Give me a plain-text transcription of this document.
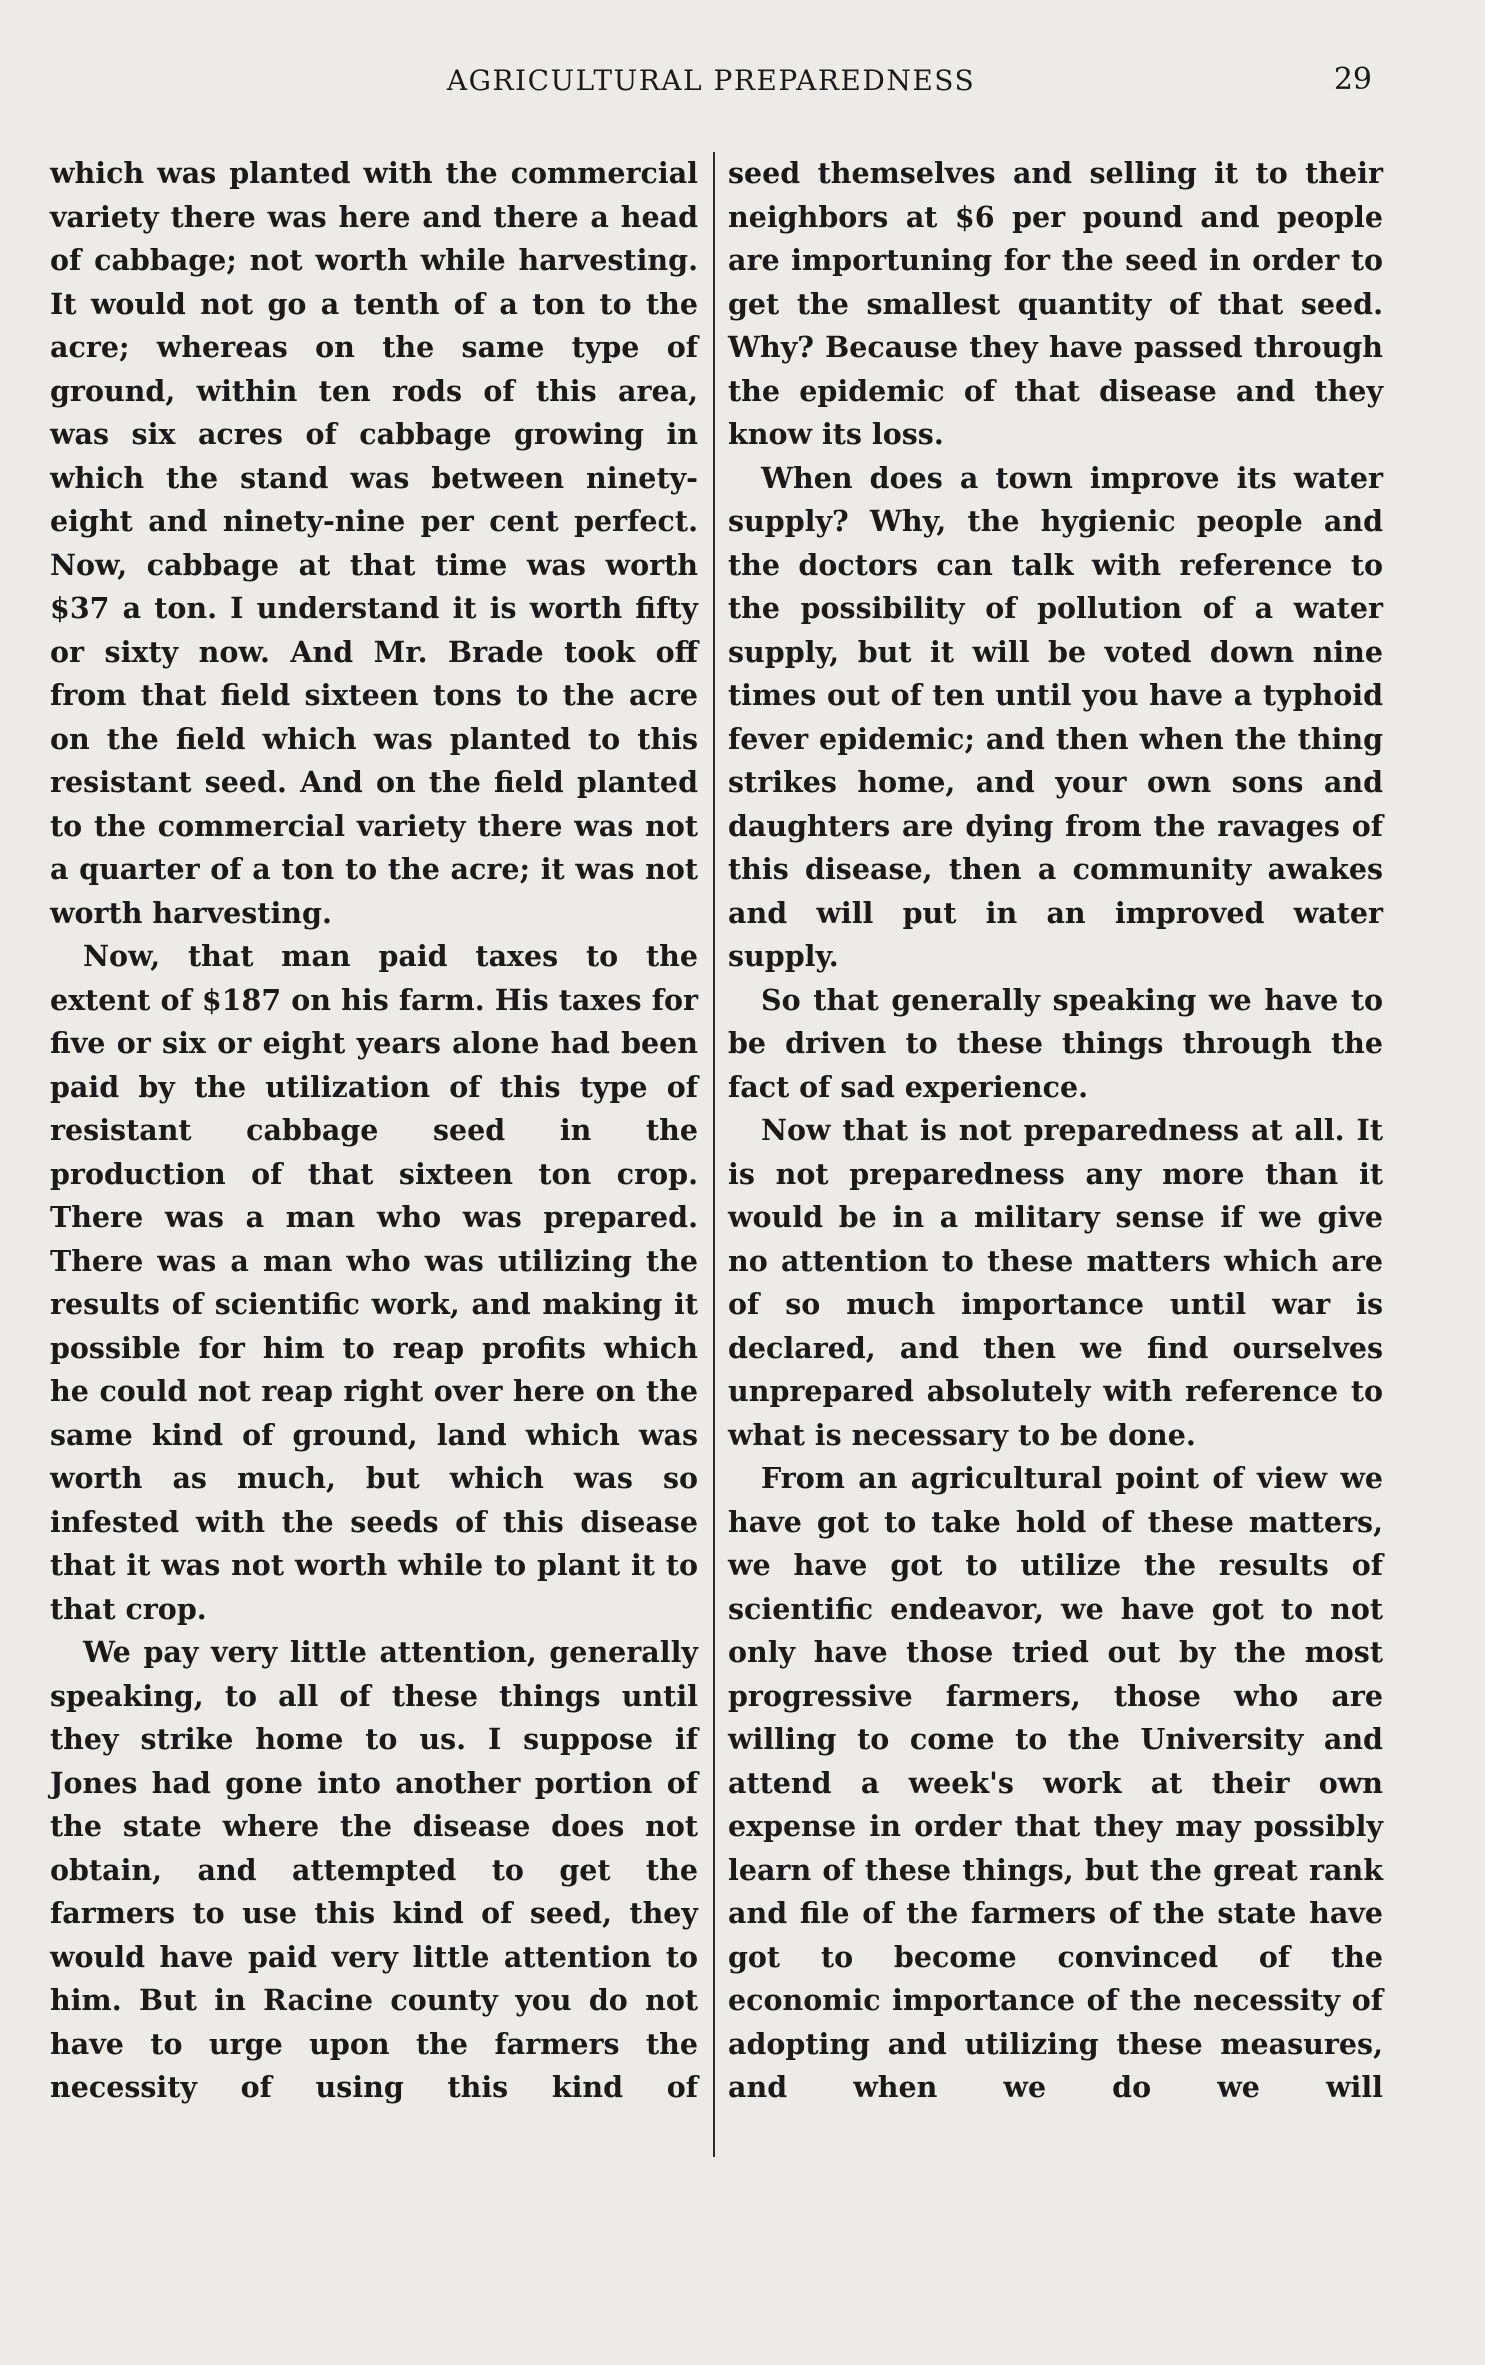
AGRICULTURAL PREPAREDNESS	29

which was planted with the commercial variety there was here and there a head of cabbage; not worth while harvesting. It would not go a tenth of a ton to the acre; whereas on the same type of ground, within ten rods of this area, was six acres of cabbage growing in which the stand was between ninety-eight and ninety-nine per cent perfect. Now, cabbage at that time was worth $37 a ton. I understand it is worth fifty or sixty now. And Mr. Brade took off from that field sixteen tons to the acre on the field which was planted to this resistant seed. And on the field planted to the commercial variety there was not a quarter of a ton to the acre; it was not worth harvesting.

Now, that man paid taxes to the extent of $187 on his farm. His taxes for five or six or eight years alone had been paid by the utilization of this type of resistant cabbage seed in the production of that sixteen ton crop. There was a man who was prepared. There was a man who was utilizing the results of scientific work, and making it possible for him to reap profits which he could not reap right over here on the same kind of ground, land which was worth as much, but which was so infested with the seeds of this disease that it was not worth while to plant it to that crop.

We pay very little attention, generally speaking, to all of these things until they strike home to us. I suppose if Jones had gone into another portion of the state where the disease does not obtain, and attempted to get the farmers to use this kind of seed, they would have paid very little attention to him. But in Racine county you do not have to urge upon the farmers the necessity of using this kind of

seed themselves and selling it to their neighbors at $6 per pound and people are importuning for the seed in order to get the smallest quantity of that seed. Why? Because they have passed through the epidemic of that disease and they know its loss.

When does a town improve its water supply? Why, the hygienic people and the doctors can talk with reference to the possibility of pollution of a water supply, but it will be voted down nine times out of ten until you have a typhoid fever epidemic; and then when the thing strikes home, and your own sons and daughters are dying from the ravages of this disease, then a community awakes and will put in an improved water supply.

So that generally speaking we have to be driven to these things through the fact of sad experience.

Now that is not preparedness at all. It is not preparedness any more than it would be in a military sense if we give no attention to these matters which are of so much importance until war is declared, and then we find ourselves unprepared absolutely with reference to what is necessary to be done.

From an agricultural point of view we have got to take hold of these matters, we have got to utilize the results of scientific endeavor, we have got to not only have those tried out by the most progressive farmers, those who are willing to come to the University and attend a week's work at their own expense in order that they may possibly learn of these things, but the great rank and file of the farmers of the state have got to become convinced of the economic importance of the necessity of adopting and utilizing these measures, and when we do we will
